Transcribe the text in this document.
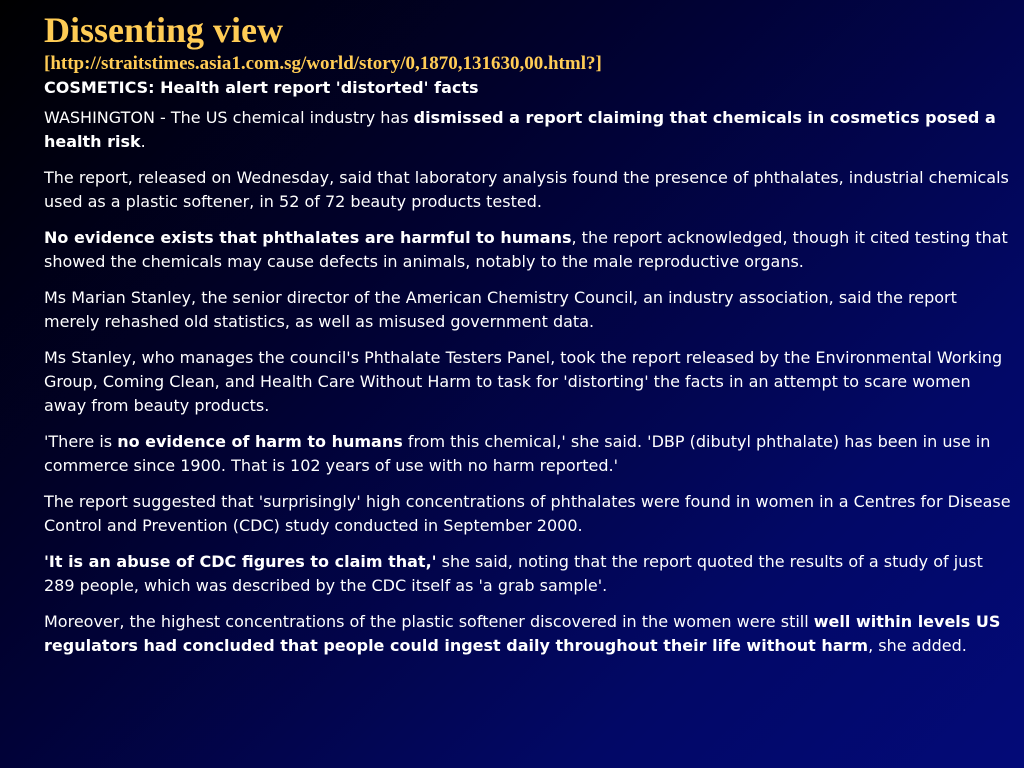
Dissenting view
[http://straitstimes.asia1.com.sg/world/story/0,1870,131630,00.html?]
COSMETICS: Health alert report 'distorted' facts

WASHINGTON - The US chemical industry has dismissed a report claiming that chemicals in cosmetics posed a health risk.

The report, released on Wednesday, said that laboratory analysis found the presence of phthalates, industrial chemicals used as a plastic softener, in 52 of 72 beauty products tested.

No evidence exists that phthalates are harmful to humans, the report acknowledged, though it cited testing that showed the chemicals may cause defects in animals, notably to the male reproductive organs.

Ms Marian Stanley, the senior director of the American Chemistry Council, an industry association, said the report merely rehashed old statistics, as well as misused government data.

Ms Stanley, who manages the council's Phthalate Testers Panel, took the report released by the Environmental Working Group, Coming Clean, and Health Care Without Harm to task for 'distorting' the facts in an attempt to scare women away from beauty products.

'There is no evidence of harm to humans from this chemical,' she said. 'DBP (dibutyl phthalate) has been in use in commerce since 1900. That is 102 years of use with no harm reported.'

The report suggested that 'surprisingly' high concentrations of phthalates were found in women in a Centres for Disease Control and Prevention (CDC) study conducted in September 2000.

'It is an abuse of CDC figures to claim that,' she said, noting that the report quoted the results of a study of just 289 people, which was described by the CDC itself as 'a grab sample'.

Moreover, the highest concentrations of the plastic softener discovered in the women were still well within levels US regulators had concluded that people could ingest daily throughout their life without harm, she added.
